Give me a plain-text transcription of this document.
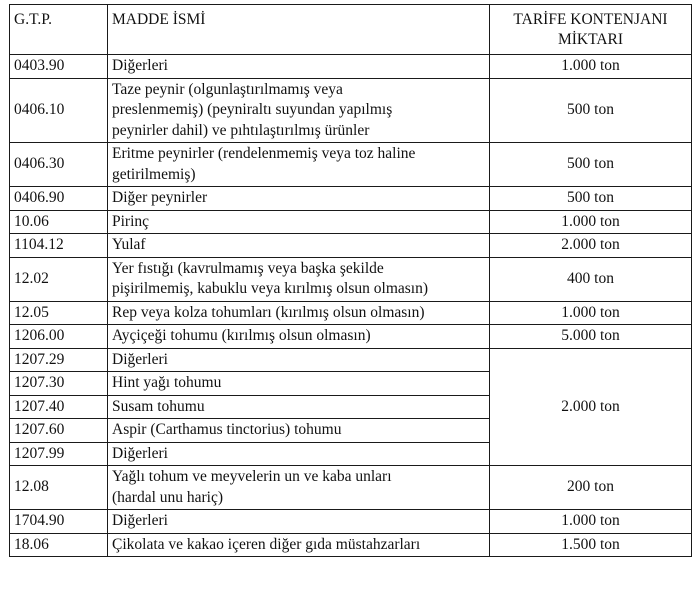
G.T.P.	MADDE İSMİ	TARİFE KONTENJANI
MİKTARI

0403.90	Diğerleri	1.000 ton
0406.10	Taze peynir (olgunlaştırılmamış veya
preslenmemiş) (peyniraltı suyundan yapılmış
peynirler dahil) ve pıhtılaştırılmış ürünler	500 ton
0406.30	Eritme peynirler (rendelenmemiş veya toz haline
getirilmemiş)	500 ton
0406.90	Diğer peynirler	500 ton
10.06	Pirinç	1.000 ton
1104.12	Yulaf	2.000 ton
12.02	Yer fıstığı (kavrulmamış veya başka şekilde
pişirilmemiş, kabuklu veya kırılmış olsun olmasın)	400 ton
12.05	Rep veya kolza tohumları (kırılmış olsun olmasın)	1.000 ton
1206.00	Ayçiçeği tohumu (kırılmış olsun olmasın)	5.000 ton
1207.29	Diğerleri	2.000 ton
1207.30	Hint yağı tohumu	
1207.40	Susam tohumu	
1207.60	Aspir (Carthamus tinctorius) tohumu	
1207.99	Diğerleri	
12.08	Yağlı tohum ve meyvelerin un ve kaba unları
(hardal unu hariç)	200 ton
1704.90	Diğerleri	1.000 ton
18.06	Çikolata ve kakao içeren diğer gıda müstahzarları	1.500 ton
